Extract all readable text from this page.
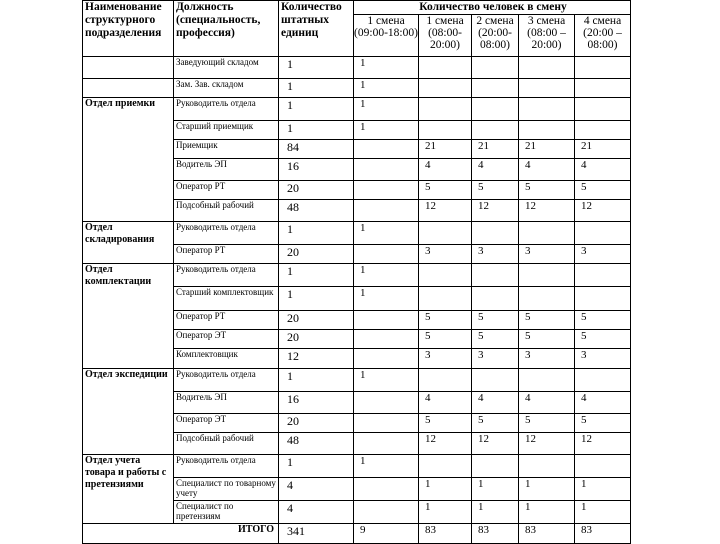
Наименование структурного подразделения	Должность (специальность, профессия)	Количество штатных единиц	Количество человек в смену				
			1 смена (09:00-18:00)	1 смена (08:00-20:00)	2 смена (20:00-08:00)	3 смена (08:00 – 20:00)	4 смена (20:00 – 08:00)
	Заведующий складом	1	1				
	Зам. Зав. складом	1	1				
Отдел приемки	Руководитель отдела	1	1				
	Старший приемщик	1	1				
	Приемщик	84		21	21	21	21
	Водитель ЭП	16		4	4	4	4
	Оператор РТ	20		5	5	5	5
	Подсобный рабочий	48		12	12	12	12
Отдел складирования	Руководитель отдела	1	1				
	Оператор РТ	20		3	3	3	3
Отдел комплектации	Руководитель отдела	1	1				
	Старший комплектовщик	1	1				
	Оператор РТ	20		5	5	5	5
	Оператор ЭТ	20		5	5	5	5
	Комплектовщик	12		3	3	3	3
Отдел экспедиции	Руководитель отдела	1	1				
	Водитель ЭП	16		4	4	4	4
	Оператор ЭТ	20		5	5	5	5
	Подсобный рабочий	48		12	12	12	12
Отдел учета товара и работы с претензиями	Руководитель отдела	1	1				
	Специалист по товарному учету	4		1	1	1	1
	Специалист по претензиям	4		1	1	1	1
ИТОГО		341	9	83	83	83	83
